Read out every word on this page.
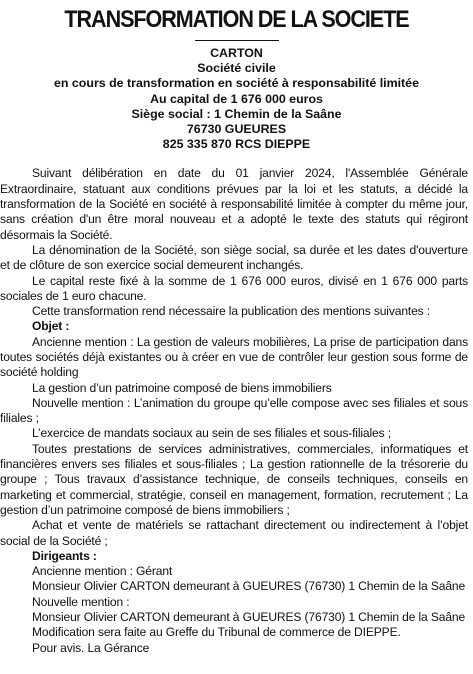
TRANSFORMATION DE LA SOCIETE
CARTON
Société civile
en cours de transformation en société à responsabilité limitée
Au capital de 1 676 000 euros
Siège social : 1 Chemin de la Saâne
76730 GUEURES
825 335 870 RCS DIEPPE

Suivant délibération en date du 01 janvier 2024, l'Assemblée Générale Extraordinaire, statuant aux conditions prévues par la loi et les statuts, a décidé la transformation de la Société en société à responsabilité limitée à compter du même jour, sans création d'un être moral nouveau et a adopté le texte des statuts qui régiront désormais la Société.

La dénomination de la Société, son siège social, sa durée et les dates d'ouverture et de clôture de son exercice social demeurent inchangés.

Le capital reste fixé à la somme de 1 676 000 euros, divisé en 1 676 000 parts sociales de 1 euro chacune.

Cette transformation rend nécessaire la publication des mentions suivantes :

Objet :

Ancienne mention : La gestion de valeurs mobilières, La prise de participation dans toutes sociétés déjà existantes ou à créer en vue de contrôler leur gestion sous forme de société holding

La gestion d’un patrimoine composé de biens immobiliers

Nouvelle mention : L’animation du groupe qu’elle compose avec ses filiales et sous filiales ;

L’exercice de mandats sociaux au sein de ses filiales et sous-filiales ;

Toutes prestations de services administratives, commerciales, informatiques et financières envers ses filiales et sous-filiales ; La gestion rationnelle de la trésorerie du groupe ; Tous travaux d’assistance technique, de conseils techniques, conseils en marketing et commercial, stratégie, conseil en management, formation, recrutement ; La gestion d’un patrimoine composé de biens immobiliers ;

Achat et vente de matériels se rattachant directement ou indirectement à l’objet social de la Société ;

Dirigeants :

Ancienne mention : Gérant

Monsieur Olivier CARTON demeurant à GUEURES (76730) 1 Chemin de la Saâne

Nouvelle mention :

Monsieur Olivier CARTON demeurant à GUEURES (76730) 1 Chemin de la Saâne

Modification sera faite au Greffe du Tribunal de commerce de DIEPPE.

Pour avis. La Gérance
